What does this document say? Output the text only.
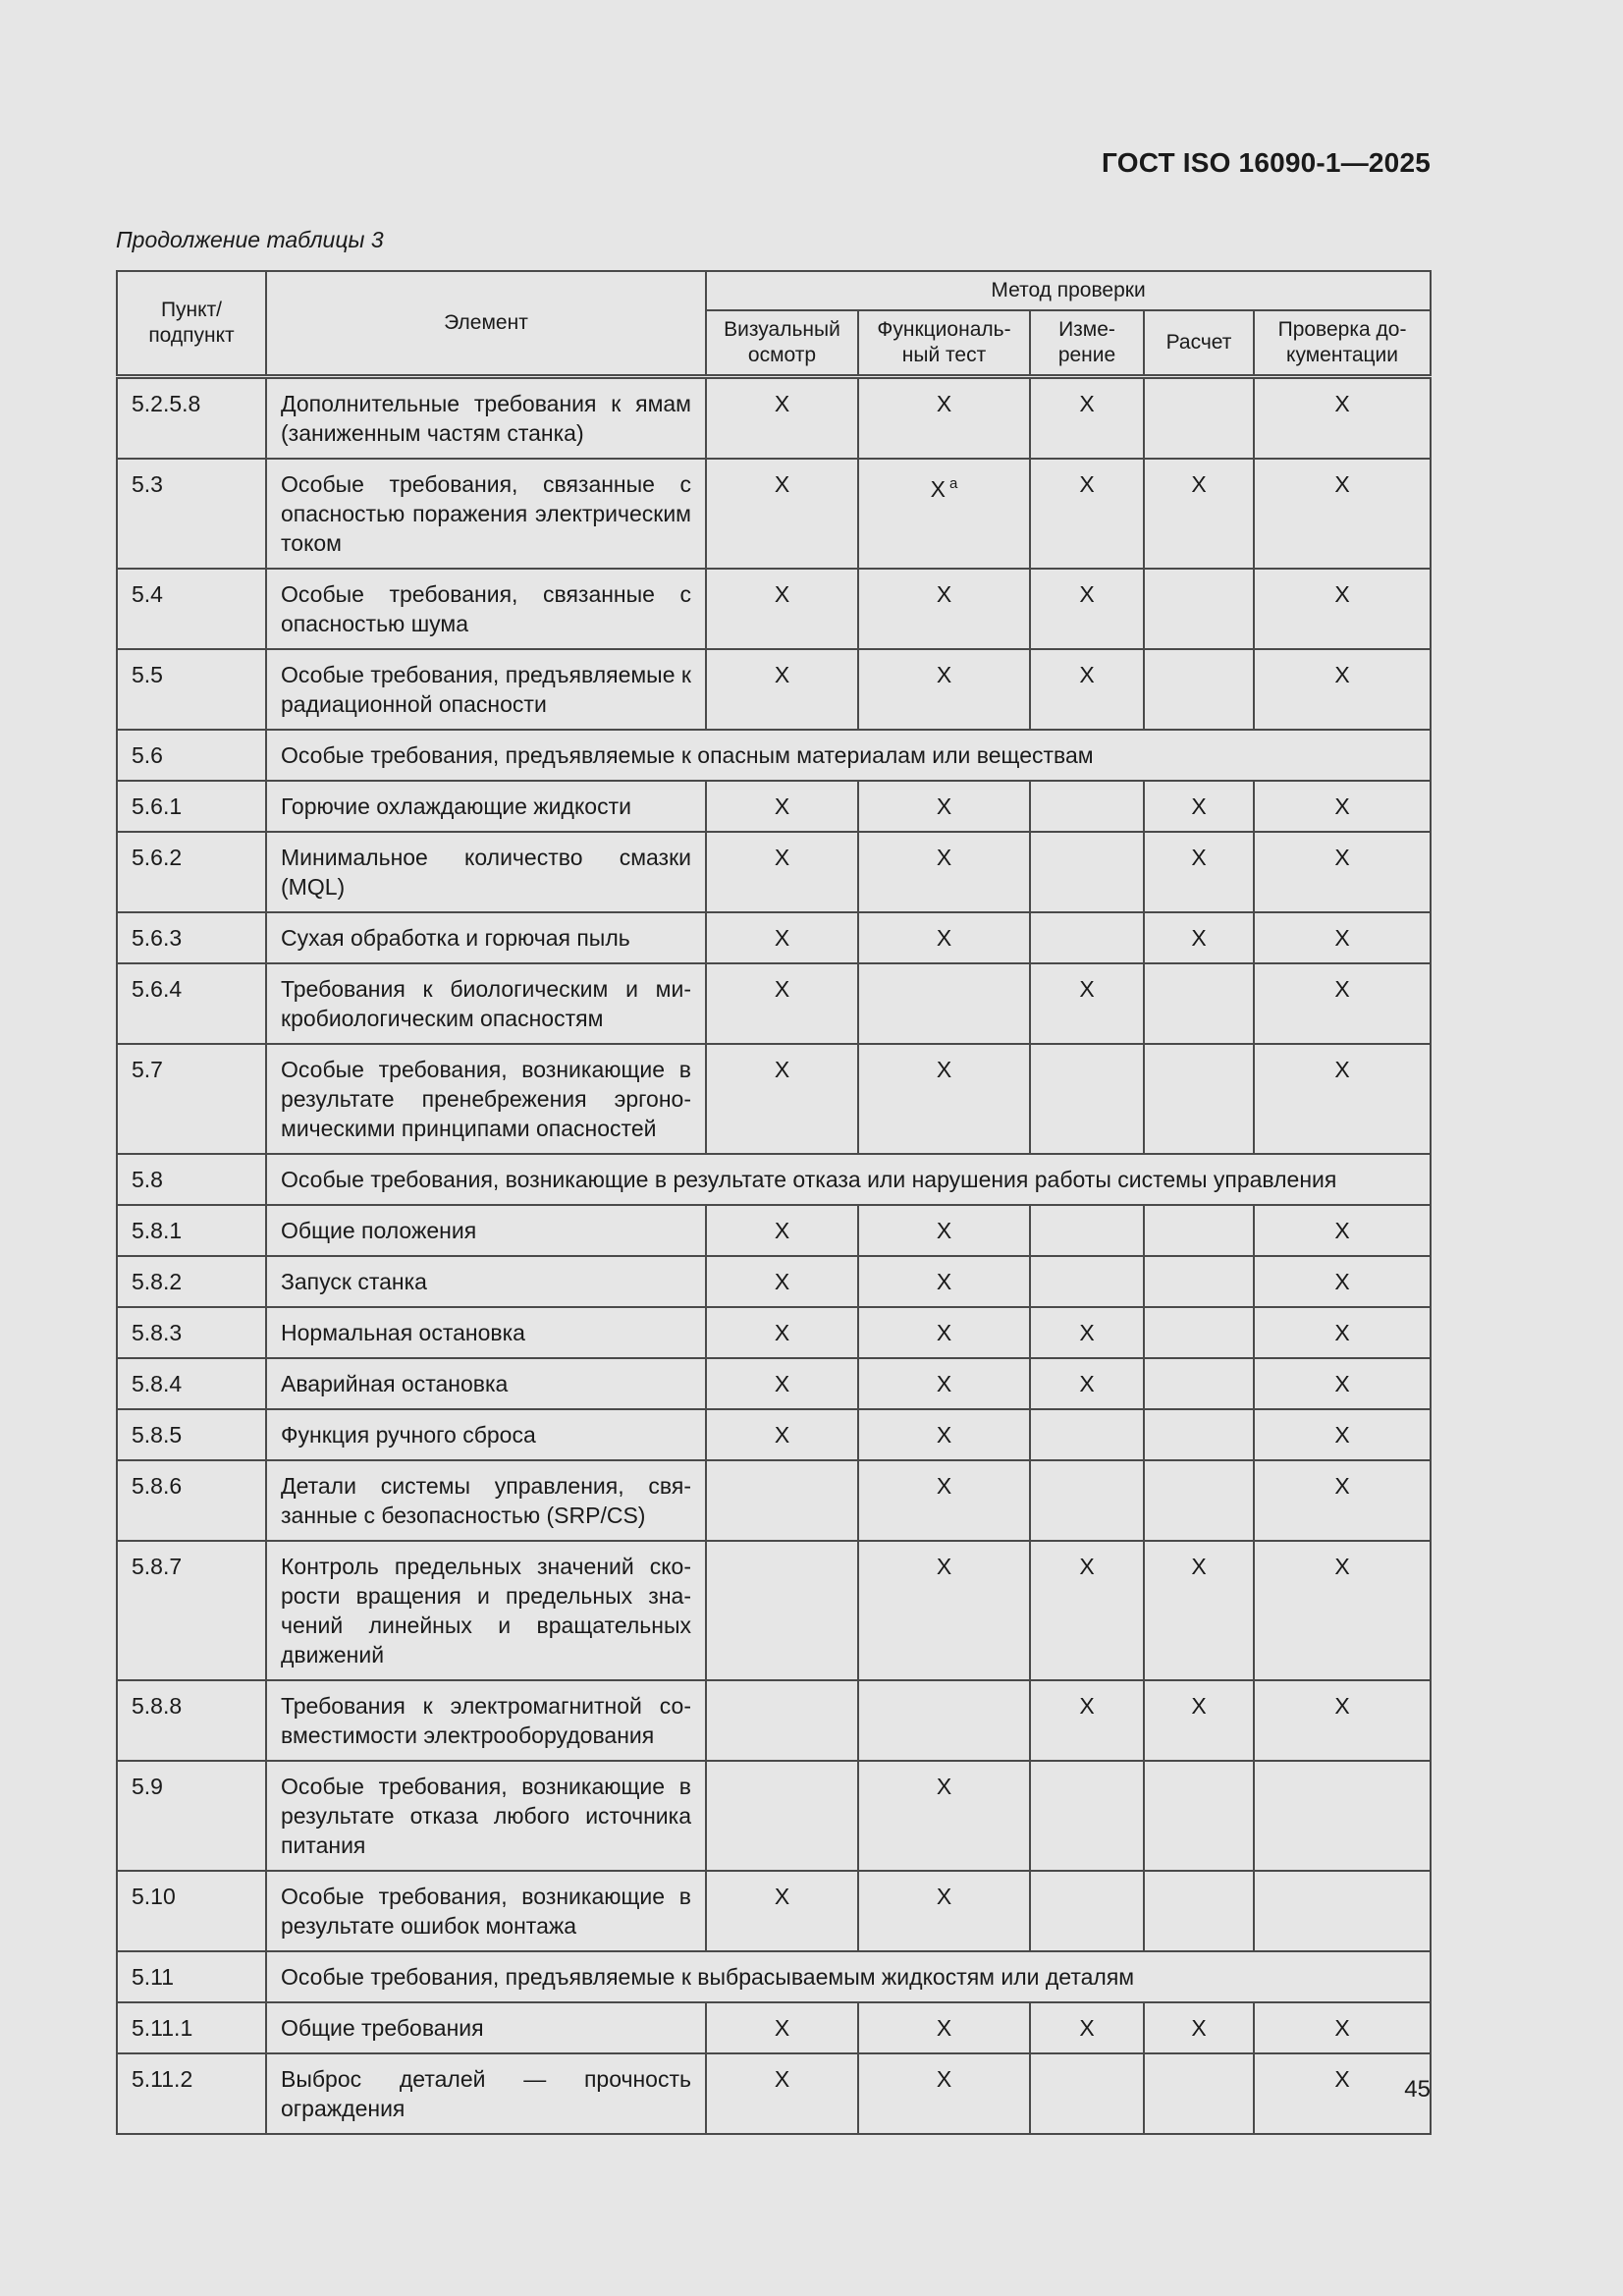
ГОСТ ISO 16090-1—2025
Продолжение таблицы 3
Пункт/ подпункт	Элемент	Метод проверки				
		Визуальный осмотр	Функциональный тест	Измерение	Расчет	Проверка документации
5.2.5.8	Дополнительные требования к ямам (заниженным частям станка)	X	X	X		X
5.3	Особые требования, связанные с опасностью поражения электрическим током	X	X $^a$	X	X	X
5.4	Особые требования, связанные с опасностью шума	X	X	X		X
5.5	Особые требования, предъявляемые к радиационной опасности	X	X	X		X
5.6	Особые требования, предъявляемые к опасным материалам или веществам					
5.6.1	Горючие охлаждающие жидкости	X	X		X	X
5.6.2	Минимальное количество смазки (MQL)	X	X		X	X
5.6.3	Сухая обработка и горючая пыль	X	X		X	X
5.6.4	Требования к биологическим и микробиологическим опасностям	X		X		X
5.7	Особые требования, возникающие в результате пренебрежения эргономическими принципами опасностей	X	X			X
5.8	Особые требования, возникающие в результате отказа или нарушения работы системы управления					
5.8.1	Общие положения	X	X			X
5.8.2	Запуск станка	X	X			X
5.8.3	Нормальная остановка	X	X	X		X
5.8.4	Аварийная остановка	X	X	X		X
5.8.5	Функция ручного сброса	X	X			X
5.8.6	Детали системы управления, связанные с безопасностью (SRP/CS)		X			X
5.8.7	Контроль предельных значений скорости вращения и предельных значений линейных и вращательных движений		X	X	X	X
5.8.8	Требования к электромагнитной совместимости электрооборудования			X	X	X
5.9	Особые требования, возникающие в результате отказа любого источника питания		X			
5.10	Особые требования, возникающие в результате ошибок монтажа	X	X			
5.11	Особые требования, предъявляемые к выбрасываемым жидкостям или деталям					
5.11.1	Общие требования	X	X	X	X	X
5.11.2	Выброс деталей — прочность ограждения	X	X			X 45
